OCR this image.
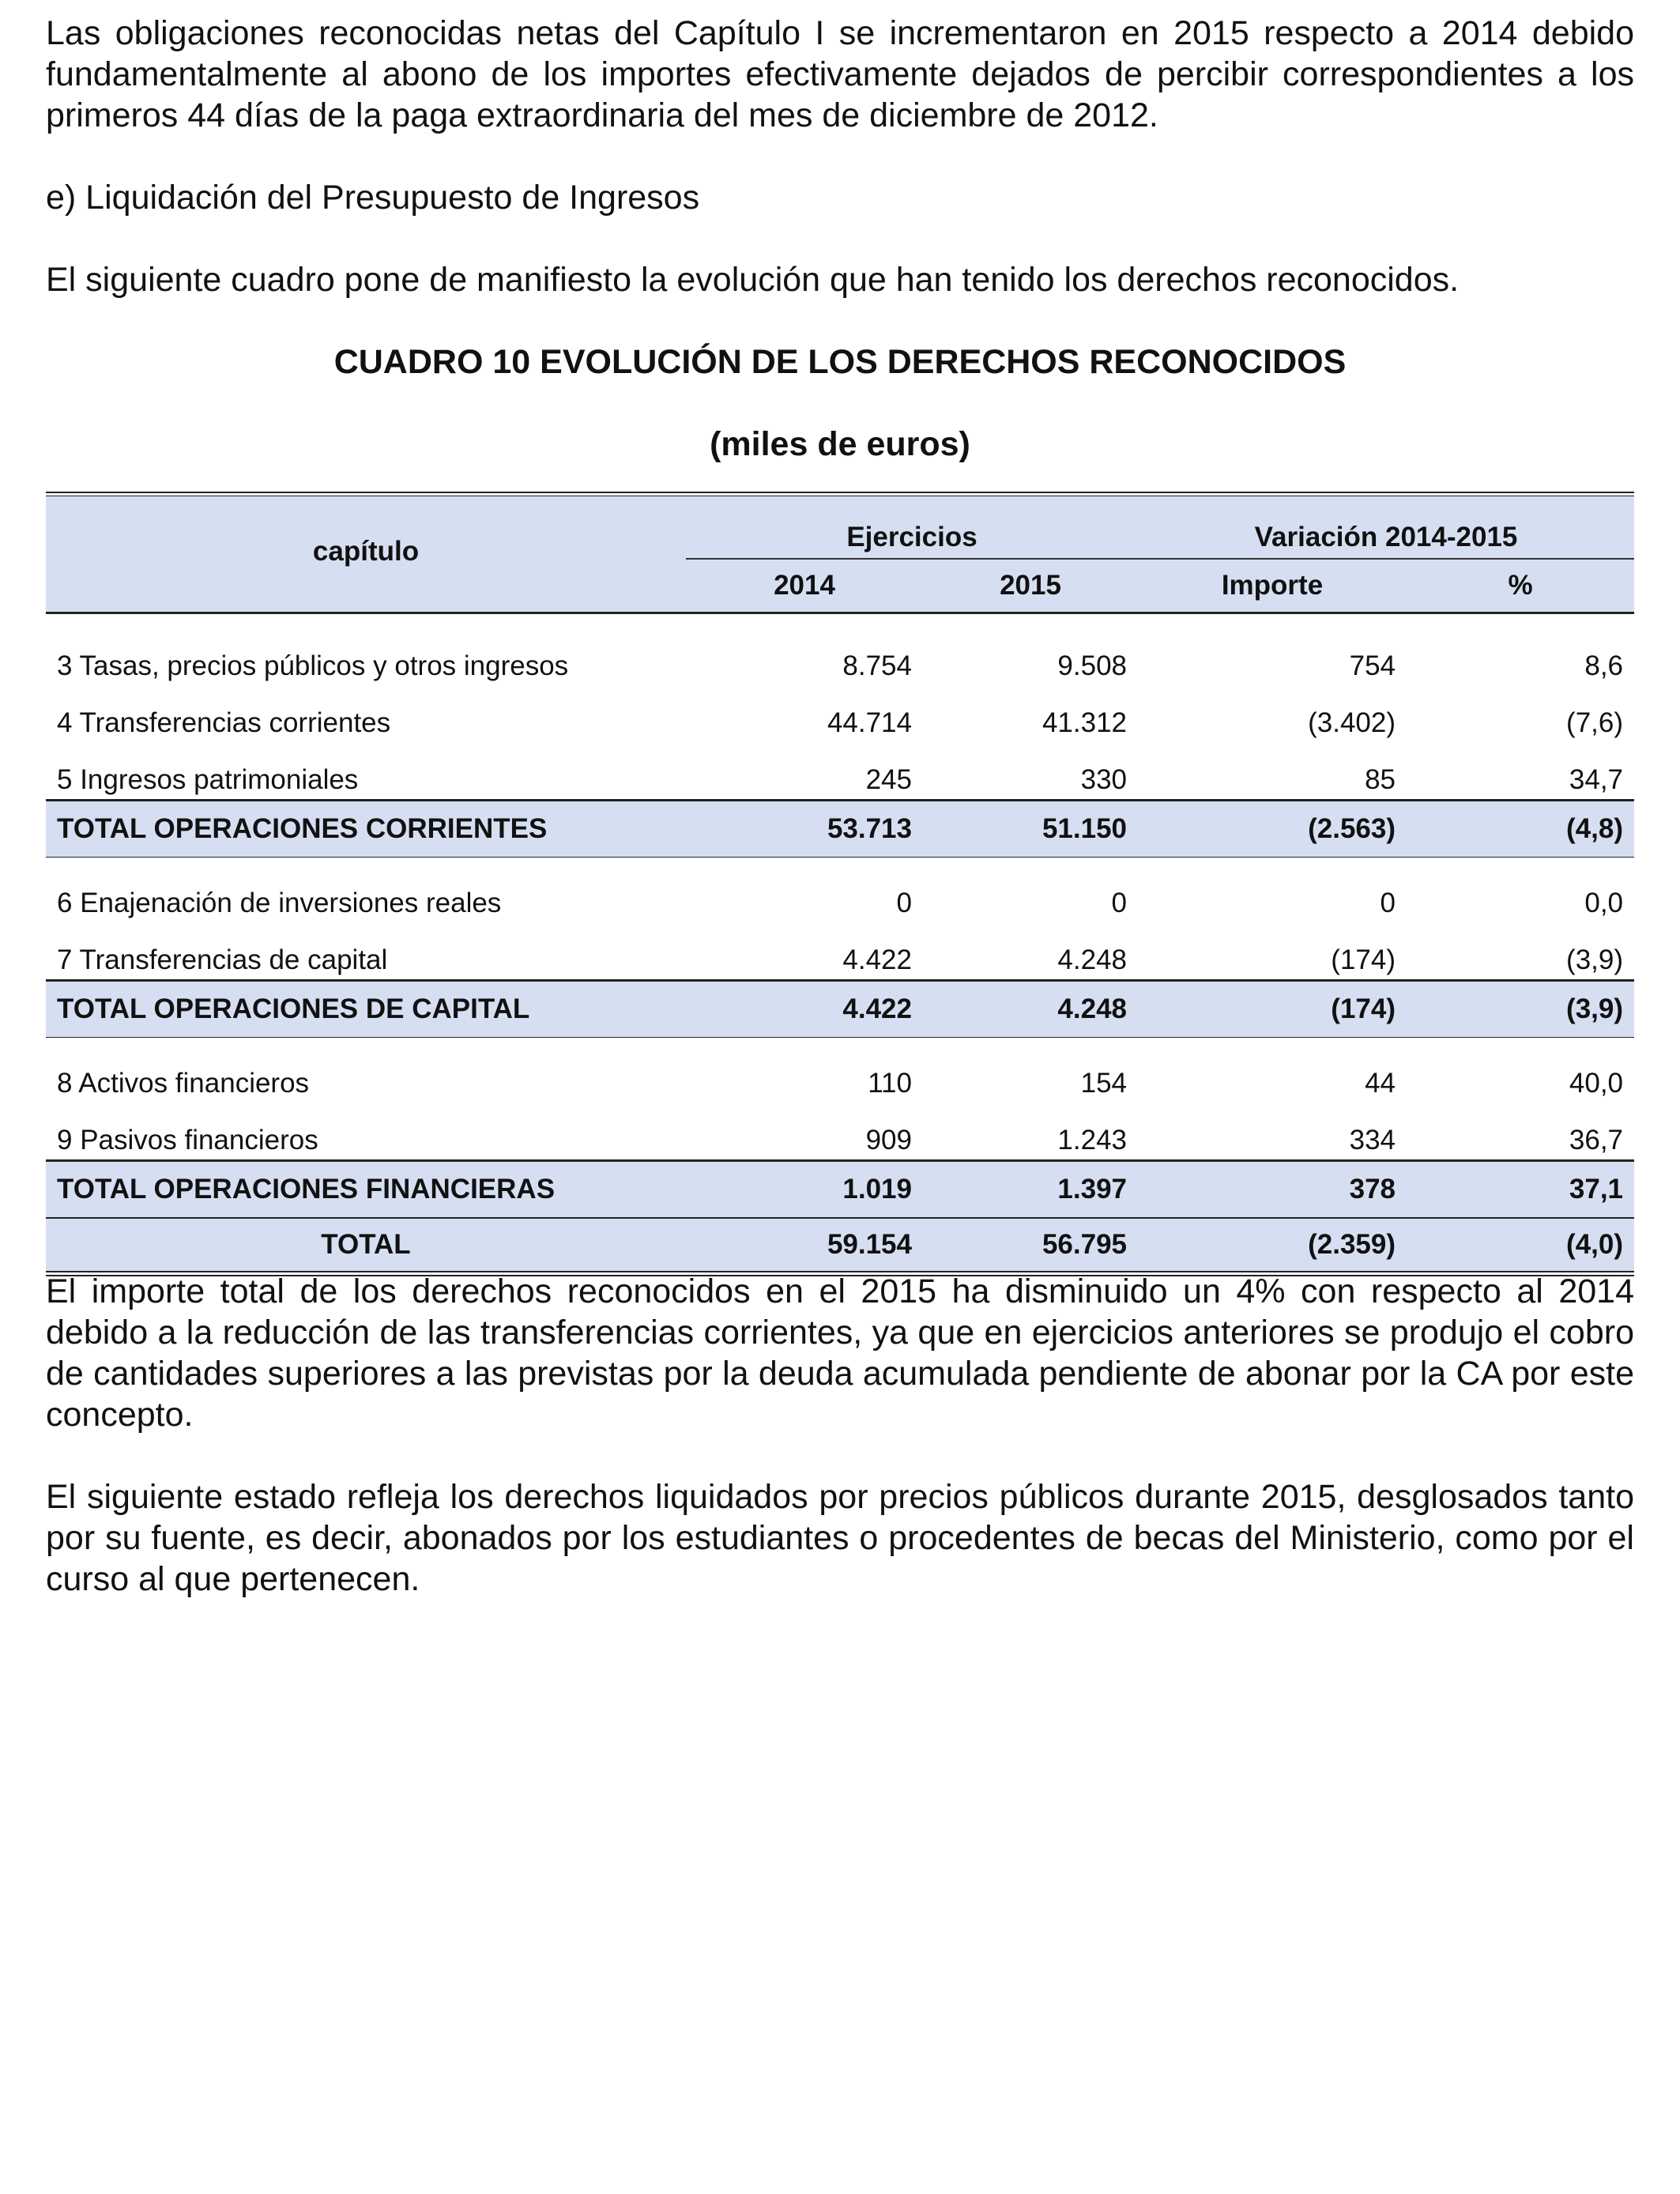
Las obligaciones reconocidas netas del Capítulo I se incrementaron en 2015 respecto a 2014 debido fundamentalmente al abono de los importes efectivamente dejados de percibir correspondientes a los primeros 44 días de la paga extraordinaria del mes de diciembre de 2012.

e) Liquidación del Presupuesto de Ingresos

El siguiente cuadro pone de manifiesto la evolución que han tenido los derechos reconocidos.

CUADRO 10 EVOLUCIÓN DE LOS DERECHOS RECONOCIDOS
(miles de euros)
capítulo	Ejercicios		Variación 2014-2015	
	2014	2015	Importe	%
3 Tasas, precios públicos y otros ingresos	8.754	9.508	754	8,6
4 Transferencias corrientes	44.714	41.312	(3.402)	(7,6)
5 Ingresos patrimoniales	245	330	85	34,7
TOTAL OPERACIONES CORRIENTES	53.713	51.150	(2.563)	(4,8)
6 Enajenación de inversiones reales	0	0	0	0,0
7 Transferencias de capital	4.422	4.248	(174)	(3,9)
TOTAL OPERACIONES DE CAPITAL	4.422	4.248	(174)	(3,9)
8 Activos financieros	110	154	44	40,0
9 Pasivos financieros	909	1.243	334	36,7
TOTAL OPERACIONES FINANCIERAS	1.019	1.397	378	37,1
TOTAL	59.154	56.795	(2.359)	(4,0)

El importe total de los derechos reconocidos en el 2015 ha disminuido un 4% con respecto al 2014 debido a la reducción de las transferencias corrientes, ya que en ejercicios anteriores se produjo el cobro de cantidades superiores a las previstas por la deuda acumulada pendiente de abonar por la CA por este concepto.

El siguiente estado refleja los derechos liquidados por precios públicos durante 2015, desglosados tanto por su fuente, es decir, abonados por los estudiantes o procedentes de becas del Ministerio, como por el curso al que pertenecen.
